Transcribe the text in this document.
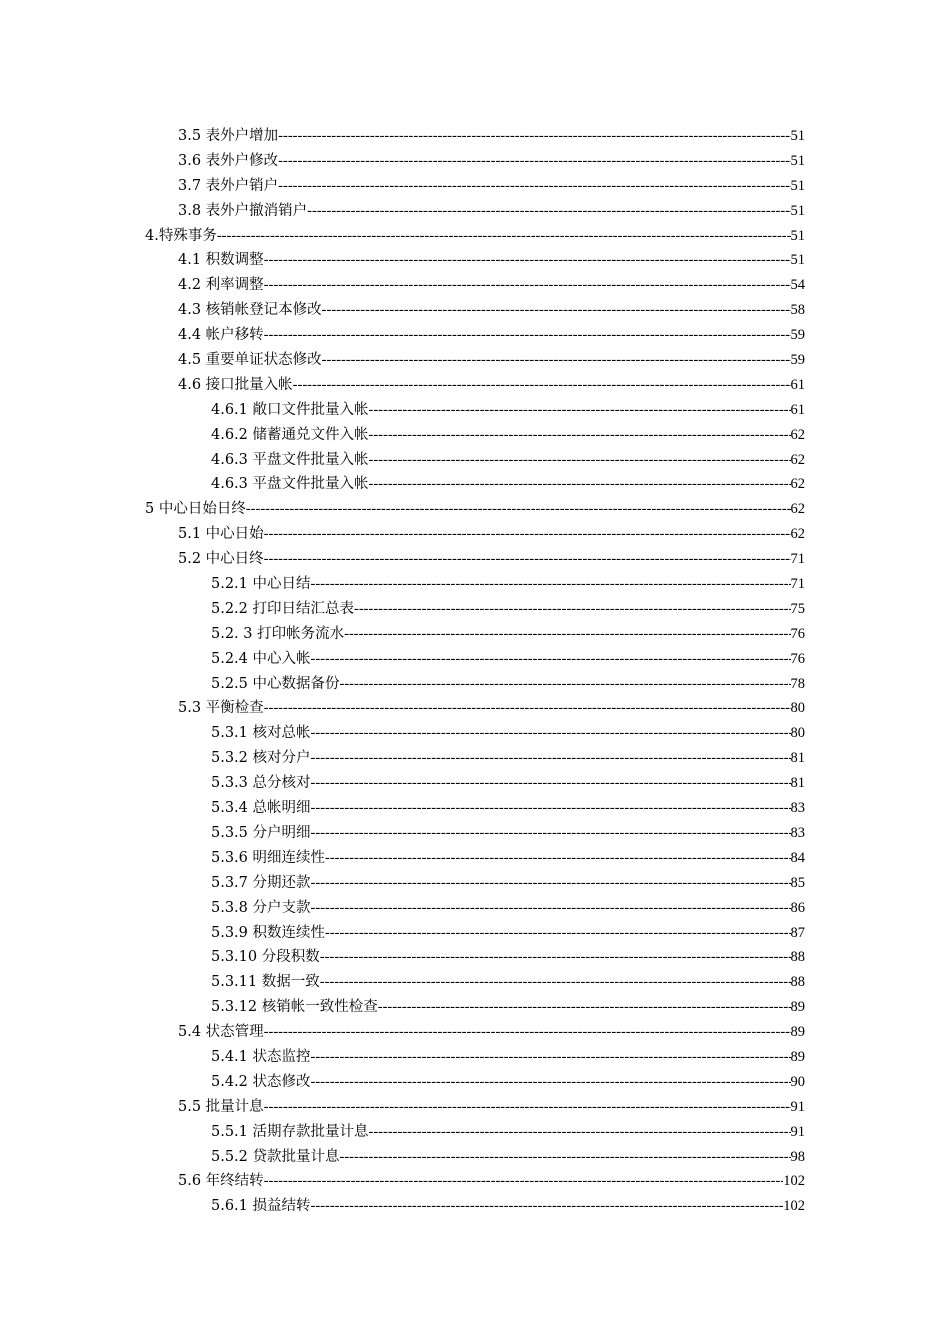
3.5 表外户增加 -----	51
3.6 表外户修改 -----	51
3.7 表外户销户 -----	51
3.8 表外户撤消销户 -----	51
4.特殊事务 -----	51
4.1 积数调整 -----	51
4.2 利率调整 -----	54
4.3 核销帐登记本修改 -----	58
4.4 帐户移转 -----	59
4.5 重要单证状态修改 -----	59
4.6 接口批量入帐 -----	61
4.6.1 敞口文件批量入帐 -----	61
4.6.2 储蓄通兑文件入帐 -----	62
4.6.3 平盘文件批量入帐 -----	62
4.6.3 平盘文件批量入帐 -----	62
5 中心日始日终 -----	62
5.1 中心日始 -----	62
5.2 中心日终 -----	71
5.2.1 中心日结 -----	71
5.2.2 打印日结汇总表 -----	75
5.2. 3 打印帐务流水 -----	76
5.2.4 中心入帐 -----	76
5.2.5 中心数据备份 -----	78
5.3 平衡检查 -----	80
5.3.1 核对总帐 -----	80
5.3.2 核对分户 -----	81
5.3.3 总分核对 -----	81
5.3.4 总帐明细 -----	83
5.3.5 分户明细 -----	83
5.3.6 明细连续性 -----	84
5.3.7 分期还款 -----	85
5.3.8 分户支款 -----	86
5.3.9 积数连续性 -----	87
5.3.10 分段积数 -----	88
5.3.11 数据一致 -----	88
5.3.12 核销帐一致性检查 -----	89
5.4 状态管理 -----	89
5.4.1 状态监控 -----	89
5.4.2 状态修改 -----	90
5.5 批量计息 -----	91
5.5.1 活期存款批量计息 -----	91
5.5.2 贷款批量计息 -----	98
5.6 年终结转 -----	102
5.6.1 损益结转 -----	102
